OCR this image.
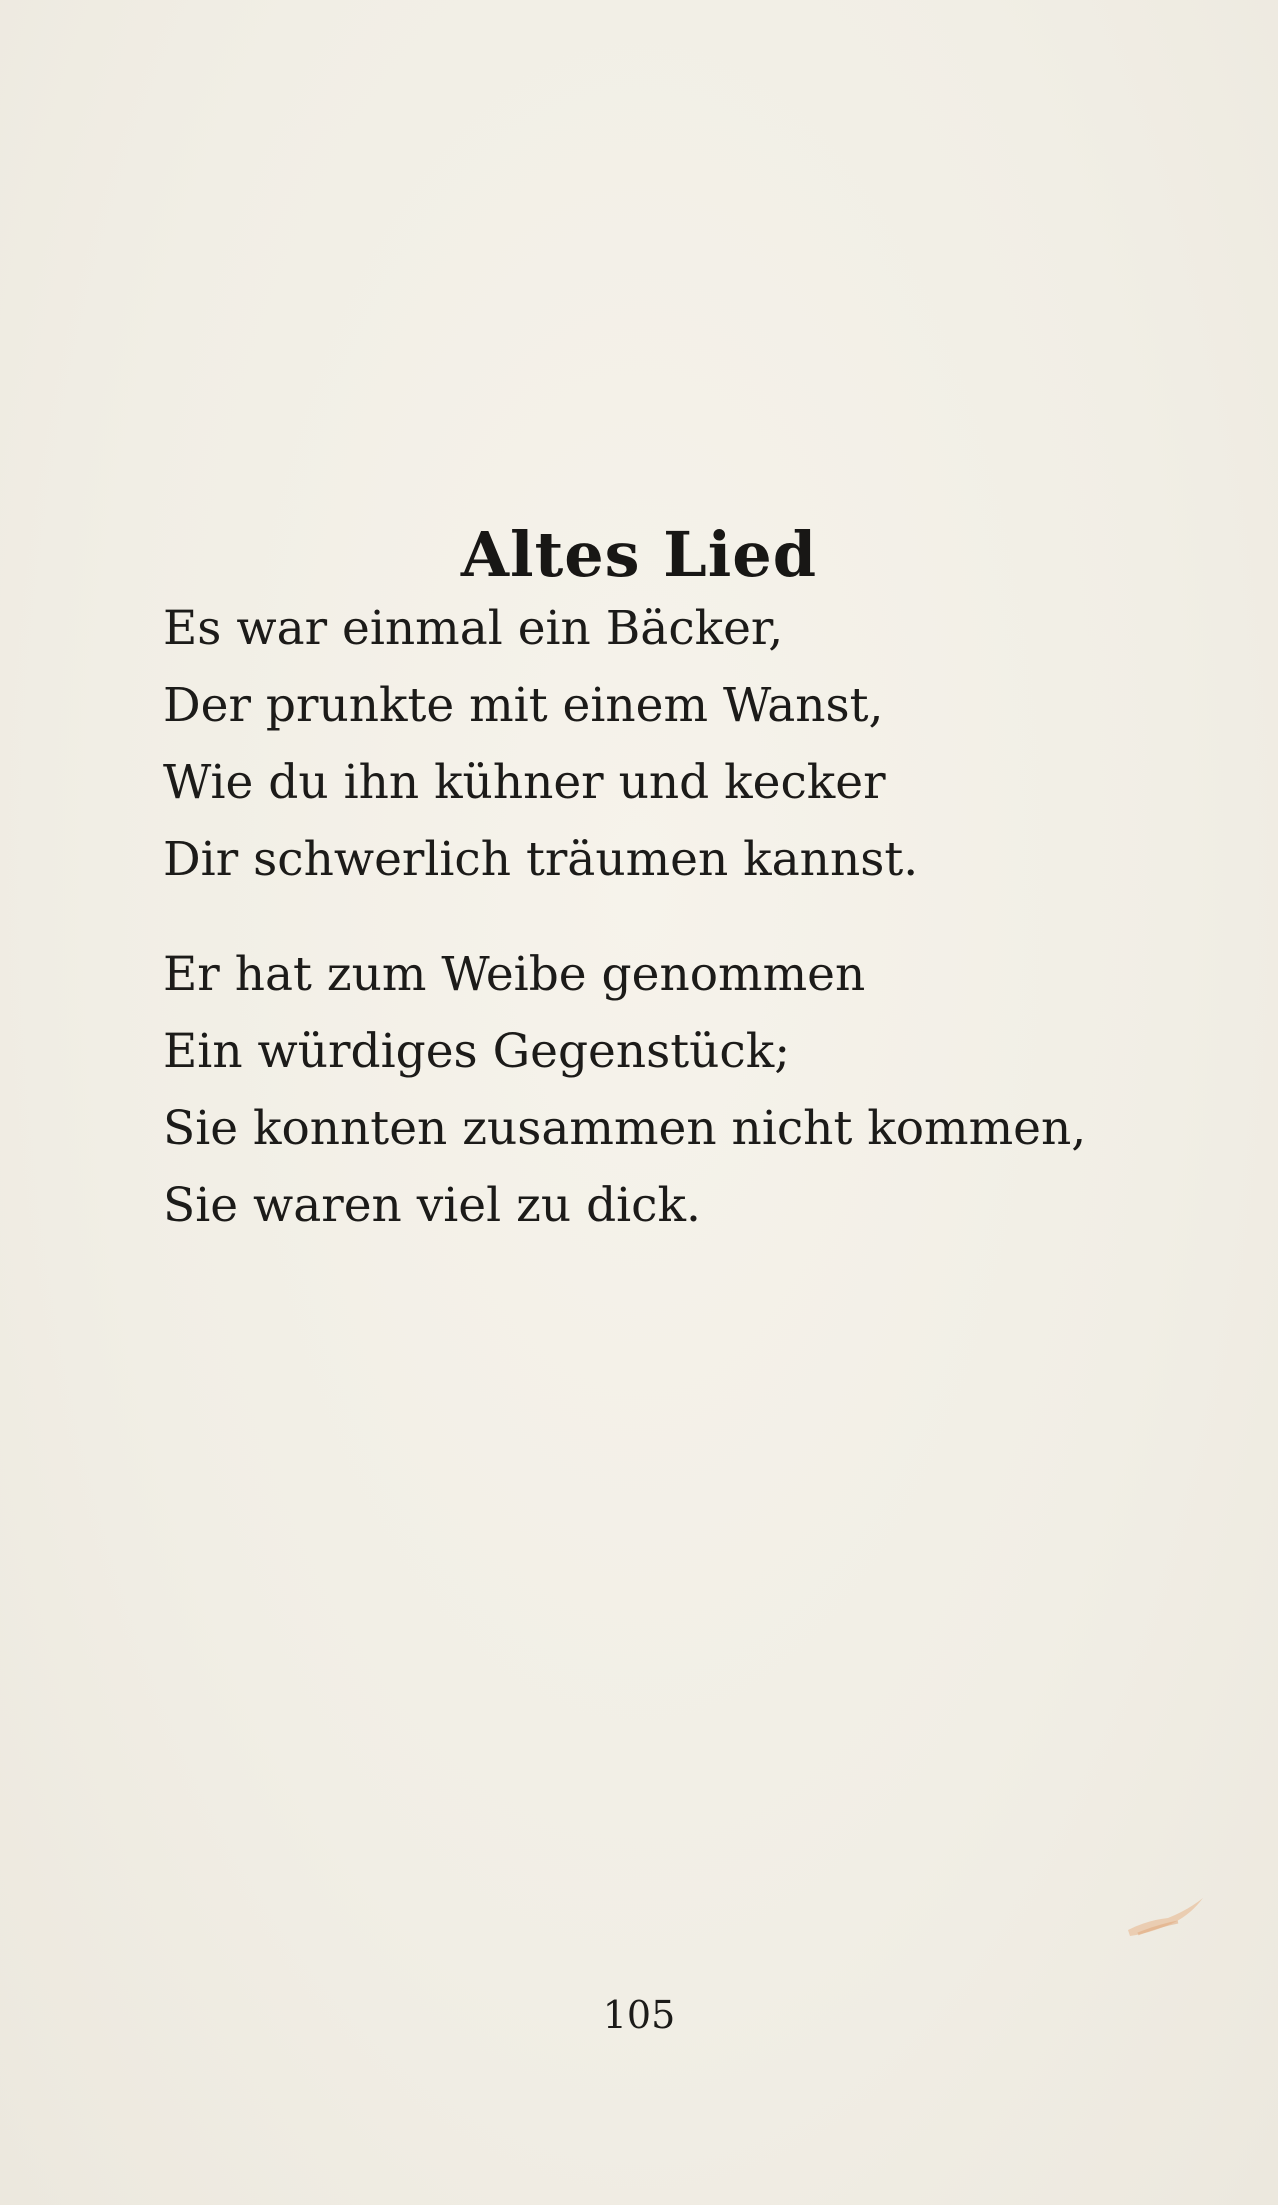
Altes Lied
Es war einmal ein Bäcker,
Der prunkte mit einem Wanst,
Wie du ihn kühner und kecker
Dir schwerlich träumen kannst.
Er hat zum Weibe genommen
Ein würdiges Gegenstück;
Sie konnten zusammen nicht kommen,
Sie waren viel zu dick.
105
